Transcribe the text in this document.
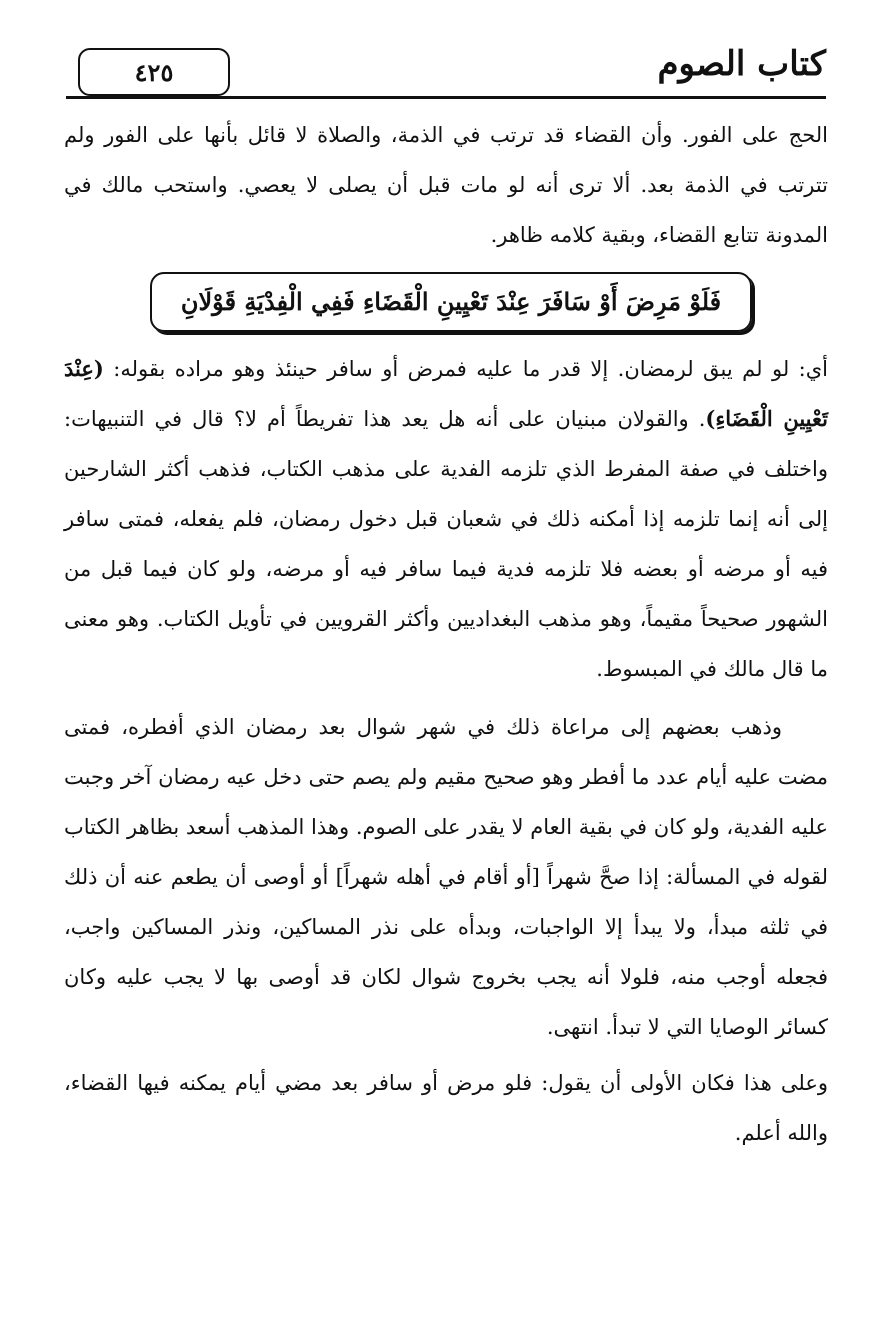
٤٢٥	كتاب الصوم

الحج على الفور. وأن القضاء قد ترتب في الذمة، والصلاة لا قائل بأنها على الفور ولم تترتب في الذمة بعد. ألا ترى أنه لو مات قبل أن يصلى لا يعصي. واستحب مالك في المدونة تتابع القضاء، وبقية كلامه ظاهر.

فَلَوْ مَرِضَ أَوْ سَافَرَ عِنْدَ تَعْيِينِ الْقَضَاءِ فَفِي الْفِدْيَةِ قَوْلَانِ

أي: لو لم يبق لرمضان. إلا قدر ما عليه فمرض أو سافر حينئذ وهو مراده بقوله: (عِنْدَ تَعْيِينِ الْقَضَاءِ). والقولان مبنيان على أنه هل يعد هذا تفريطاً أم لا؟ قال في التنبيهات: واختلف في صفة المفرط الذي تلزمه الفدية على مذهب الكتاب، فذهب أكثر الشارحين إلى أنه إنما تلزمه إذا أمكنه ذلك في شعبان قبل دخول رمضان، فلم يفعله، فمتى سافر فيه أو مرضه أو بعضه فلا تلزمه فدية فيما سافر فيه أو مرضه، ولو كان فيما قبل من الشهور صحيحاً مقيماً، وهو مذهب البغداديين وأكثر القرويين في تأويل الكتاب. وهو معنى ما قال مالك في المبسوط.

وذهب بعضهم إلى مراعاة ذلك في شهر شوال بعد رمضان الذي أفطره، فمتى مضت عليه أيام عدد ما أفطر وهو صحيح مقيم ولم يصم حتى دخل عيه رمضان آخر وجبت عليه الفدية، ولو كان في بقية العام لا يقدر على الصوم. وهذا المذهب أسعد بظاهر الكتاب لقوله في المسألة: إذا صحَّ شهراً [أو أقام في أهله شهراً] أو أوصى أن يطعم عنه أن ذلك في ثلثه مبدأ، ولا يبدأ إلا الواجبات، وبدأه على نذر المساكين، ونذر المساكين واجب، فجعله أوجب منه، فلولا أنه يجب بخروج شوال لكان قد أوصى بها لا يجب عليه وكان كسائر الوصايا التي لا تبدأ. انتهى.

وعلى هذا فكان الأولى أن يقول: فلو مرض أو سافر بعد مضي أيام يمكنه فيها القضاء، والله أعلم.
